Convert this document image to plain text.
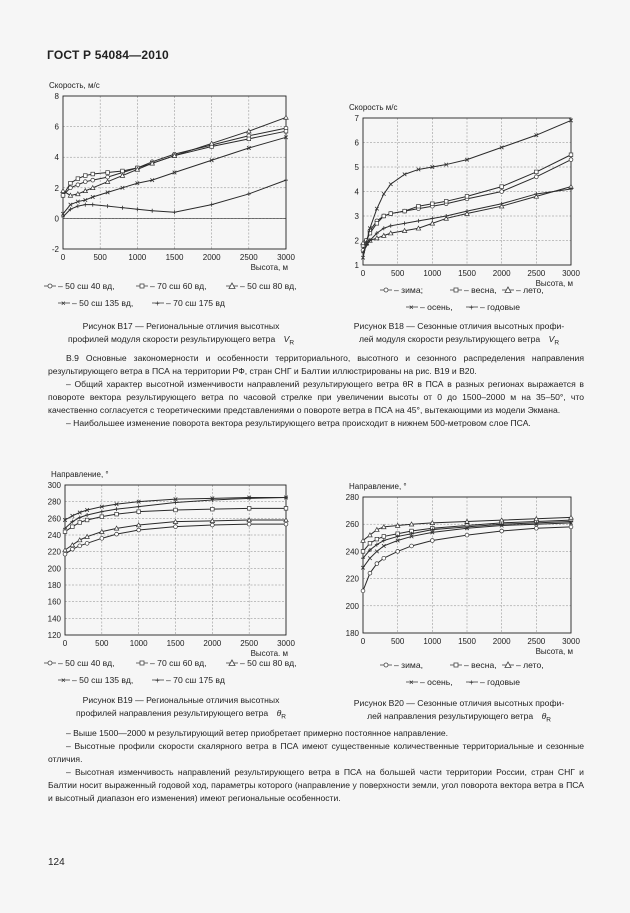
ГОСТ Р 54084—2010
Скорость, м/с
-2
0
2
4
6
8
0	500	1000 1500 2000 2500 3000
Высота, м
Скорость м/с
1
2
3
4
5
6
7
0	500 1000 1500 2000 2500 3000
Высота, м
– 50 сш 40 вд,	– 70 сш 60 вд,	– 50 сш 80 вд,
× – 50 сш 135 вд,	+ – 70 сш 175 вд
– зима;	– весна, – лето,
× – осень, + – годовые
Рисунок В17 — Региональные отличия высотных
профилей модуля скорости результирующего ветра $V_R$
Рисунок В18 — Сезонные отличия высотных профи-
лей модуля скорости результирующего ветра $V_R$

В.9 Основные закономерности и особенности территориального, высотного и сезонного распределения направления результирующего ветра в ПСА на территории РФ, стран СНГ и Балтии иллюстрированы на рис. В19 и В20.

– Общий характер высотной изменчивости направлений результирующего ветра θR в ПСА в разных регионах выражается в повороте вектора результирующего ветра по часовой стрелке при увеличении высоты от 0 до 1500–2000 м на 35–50°, что качественно согласуется с теоретическими представлениями о повороте ветра в ПСА на 45°, вытекающими из модели Экмана.

– Наибольшее изменение поворота вектора результирующего ветра происходит в нижнем 500-метровом слое ПСА.

Направление, °
120
140
160
180
200
220
240
260
280
300
0	500	1000 1500 2000 2500 3000
Высота, м
Направление, °
180
200
220
240
260
280
0	500 1000 1500 2000 2500 3000
Высота, м
– 50 сш 40 вд,	– 70 сш 60 вд,	– 50 сш 80 вд,
× – 50 сш 135 вд,	+ – 70 сш 175 вд
– зима,	– весна, – лето,
× – осень, + – годовые
Рисунок В19 — Региональные отличия высотных
профилей направления результирующего ветра $\theta_R$
Рисунок В20 — Сезонные отличия высотных профи-
лей направления результирующего ветра $\theta_R$

– Выше 1500—2000 м результирующий ветер приобретает примерно постоянное направление.

– Высотные профили скорости скалярного ветра в ПСА имеют существенные количественные территориальные и сезонные отличия.

– Высотная изменчивость направлений результирующего ветра в ПСА на большей части территории России, стран СНГ и Балтии носит выраженный годовой ход, параметры которого (направление у поверхности земли, угол поворота вектора ветра в ПСА и высотный диапазон его изменения) имеют региональные особенности.

124
